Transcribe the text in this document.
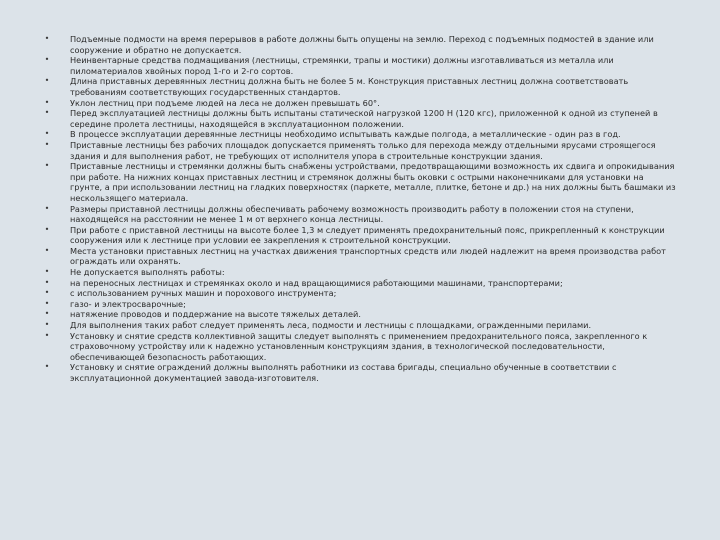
•	Подъемные подмости на время перерывов в работе должны быть опущены на землю. Переход с подъемных подмостей в здание или сооружение и обратно не допускается.
•	Неинвентарные средства подмащивания (лестницы, стремянки, трапы и мостики) должны изготавливаться из металла или пиломатериалов хвойных пород 1-го и 2-го сортов.
•	Длина приставных деревянных лестниц должна быть не более 5 м. Конструкция приставных лестниц должна соответствовать требованиям соответствующих государственных стандартов.
•	Уклон лестниц при подъеме людей на леса не должен превышать 60°.
•	Перед эксплуатацией лестницы должны быть испытаны статической нагрузкой 1200 Н (120 кгс), приложенной к одной из ступеней в середине пролета лестницы, находящейся в эксплуатационном положении.
•	В процессе эксплуатации деревянные лестницы необходимо испытывать каждые полгода, а металлические - один раз в год.
•	Приставные лестницы без рабочих площадок допускается применять только для перехода между отдельными ярусами строящегося здания и для выполнения работ, не требующих от исполнителя упора в строительные конструкции здания.
•	Приставные лестницы и стремянки должны быть снабжены устройствами, предотвращающими возможность их сдвига и опрокидывания при работе. На нижних концах приставных лестниц и стремянок должны быть оковки с острыми наконечниками для установки на грунте, а при использовании лестниц на гладких поверхностях (паркете, металле, плитке, бетоне и др.) на них должны быть башмаки из нескользящего материала.
•	Размеры приставной лестницы должны обеспечивать рабочему возможность производить работу в положении стоя на ступени, находящейся на расстоянии не менее 1 м от верхнего конца лестницы.
•	При работе с приставной лестницы на высоте более 1,3 м следует применять предохранительный пояс, прикрепленный к конструкции сооружения или к лестнице при условии ее закрепления к строительной конструкции.
•	Места установки приставных лестниц на участках движения транспортных средств или людей надлежит на время производства работ ограждать или охранять.
•	Не допускается выполнять работы:
•	на переносных лестницах и стремянках около и над вращающимися работающими машинами, транспортерами;
•	с использованием ручных машин и порохового инструмента;
•	газо- и электросварочные;
•	натяжение проводов и поддержание на высоте тяжелых деталей.
•	Для выполнения таких работ следует применять леса, подмости и лестницы с площадками, огражденными перилами.
•	Установку и снятие средств коллективной защиты следует выполнять с применением предохранительного пояса, закрепленного к страховочному устройству или к надежно установленным конструкциям здания, в технологической последовательности, обеспечивающей безопасность работающих.
•	Установку и снятие ограждений должны выполнять работники из состава бригады, специально обученные в соответствии с эксплуатационной документацией завода-изготовителя.
